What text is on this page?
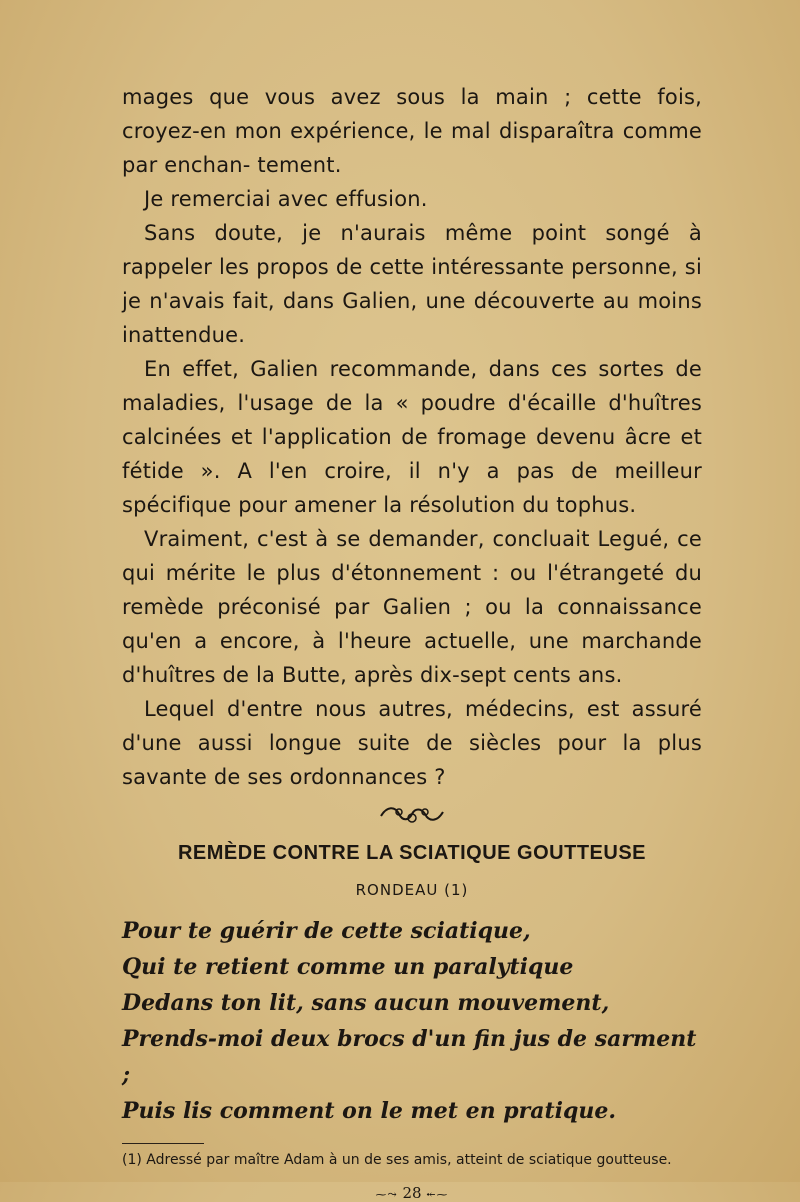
mages que vous avez sous la main ; cette fois, croyez-en mon expérience, le mal disparaîtra comme par enchan- tement.

Je remerciai avec effusion.

Sans doute, je n'aurais même point songé à rappeler les propos de cette intéressante personne, si je n'avais fait, dans Galien, une découverte au moins inattendue.

En effet, Galien recommande, dans ces sortes de maladies, l'usage de la « poudre d'écaille d'huîtres calcinées et l'application de fromage devenu âcre et fétide ». A l'en croire, il n'y a pas de meilleur spécifique pour amener la résolution du tophus.

Vraiment, c'est à se demander, concluait Legué, ce qui mérite le plus d'étonnement : ou l'étrangeté du remède préconisé par Galien ; ou la connaissance qu'en a encore, à l'heure actuelle, une marchande d'huîtres de la Butte, après dix-sept cents ans.

Lequel d'entre nous autres, médecins, est assuré d'une aussi longue suite de siècles pour la plus savante de ses ordonnances ?

REMÈDE CONTRE LA SCIATIQUE GOUTTEUSE
RONDEAU (1)
Pour te guérir de cette sciatique,
Qui te retient comme un paralytique
Dedans ton lit, sans aucun mouvement,
Prends-moi deux brocs d'un fin jus de sarment ;
Puis lis comment on le met en pratique.

(1) Adressé par maître Adam à un de ses amis, atteint de sciatique goutteuse.

⁓⤳ 28 ⤝⁓
